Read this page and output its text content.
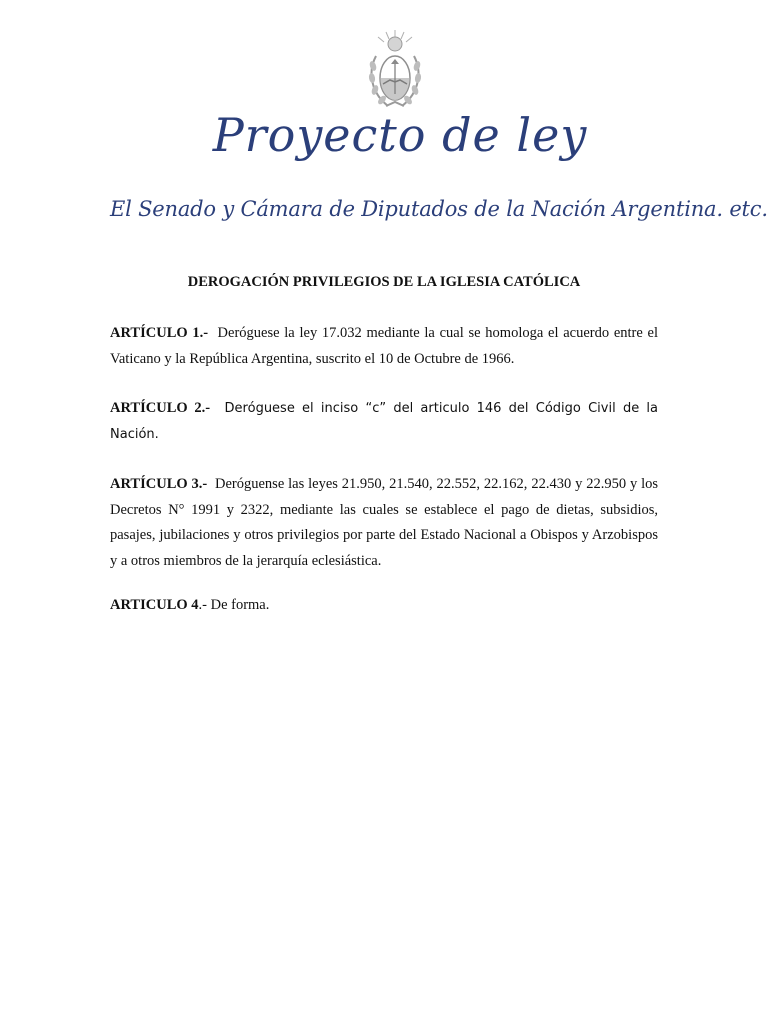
Proyecto de ley
El Senado y Cámara de Diputados de la Nación Argentina. etc.
DEROGACIÓN PRIVILEGIOS DE LA IGLESIA CATÓLICA
ARTÍCULO 1.- Deróguese la ley 17.032 mediante la cual se homologa el acuerdo entre el Vaticano y la República Argentina, suscrito el 10 de Octubre de 1966.
ARTÍCULO 2.- Deróguese el inciso “c” del articulo 146 del Código Civil de la Nación.
ARTÍCULO 3.- Deróguense las leyes 21.950, 21.540, 22.552, 22.162, 22.430 y 22.950 y los Decretos N° 1991 y 2322, mediante las cuales se establece el pago de dietas, subsidios, pasajes, jubilaciones y otros privilegios por parte del Estado Nacional a Obispos y Arzobispos y a otros miembros de la jerarquía eclesiástica.
ARTICULO 4.- De forma.
